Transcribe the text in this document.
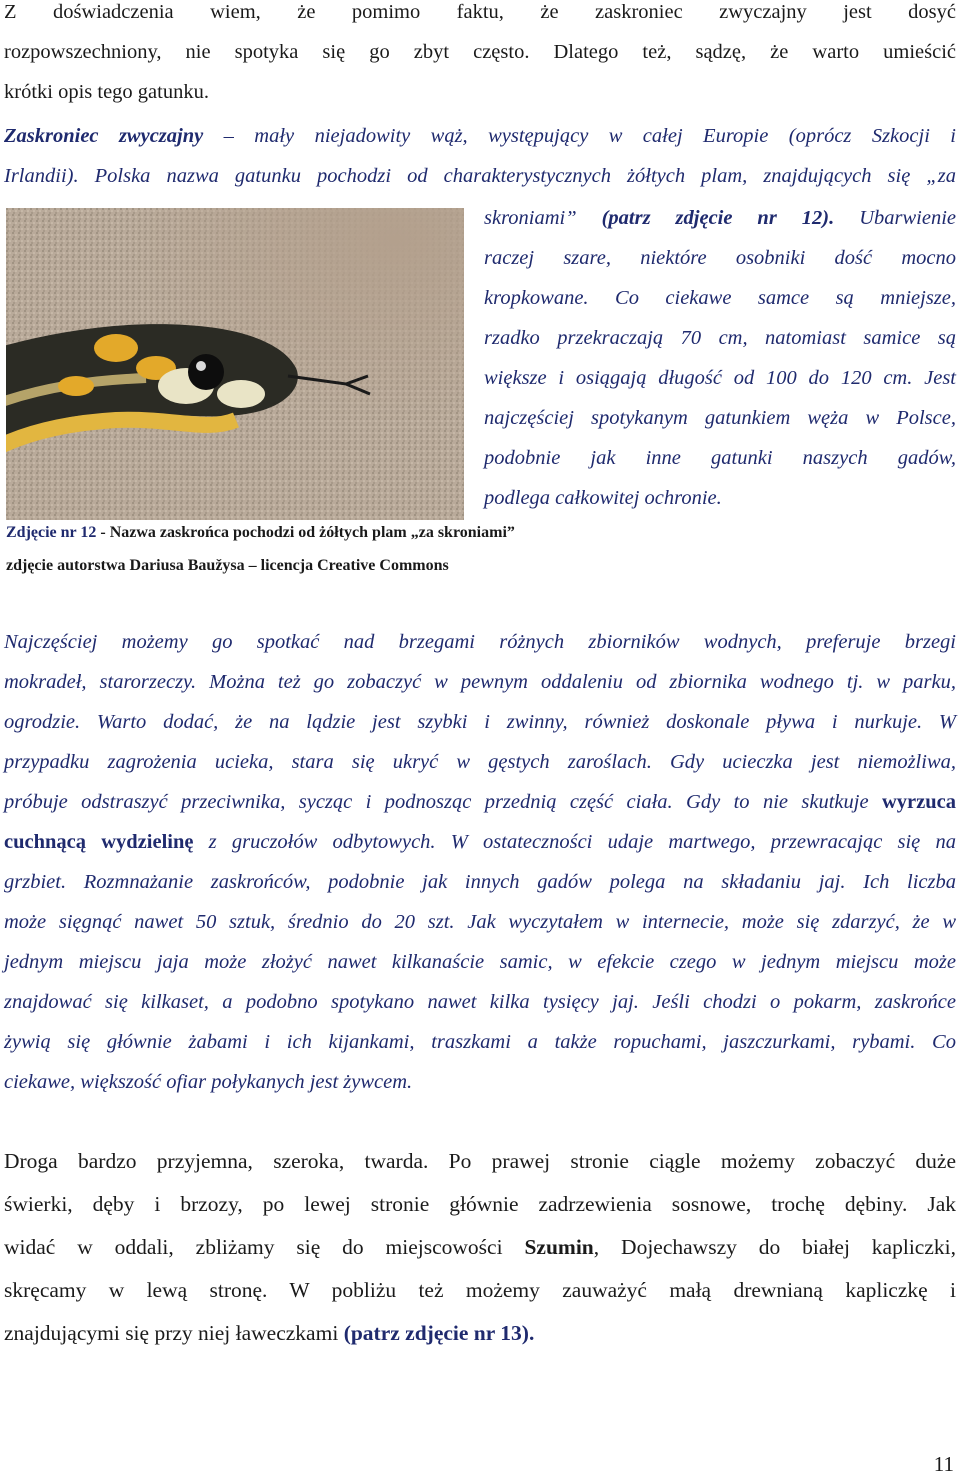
Z doświadczenia wiem, że pomimo faktu, że zaskroniec zwyczajny jest dosyć
rozpowszechniony, nie spotyka się go zbyt często. Dlatego też, sądzę, że warto umieścić
krótki opis tego gatunku.
Zaskroniec zwyczajny – mały niejadowity wąż, występujący w całej Europie (oprócz Szkocji i
Irlandii). Polska nazwa gatunku pochodzi od charakterystycznych żółtych plam, znajdujących się „za
skroniami” (patrz zdjęcie nr 12). Ubarwienie
raczej szare, niektóre osobniki dość mocno
kropkowane. Co ciekawe samce są mniejsze,
rzadko przekraczają 70 cm, natomiast samice są
większe i osiągają długość od 100 do 120 cm. Jest
najczęściej spotykanym gatunkiem węża w Polsce,
podobnie jak inne gatunki naszych gadów,
podlega całkowitej ochronie.
Zdjęcie nr 12 - Nazwa zaskrońca pochodzi od żółtych plam „za skroniami”
zdjęcie autorstwa Dariusa Baužysa – licencja Creative Commons
Najczęściej możemy go spotkać nad brzegami różnych zbiorników wodnych, preferuje brzegi
mokradeł, starorzeczy. Można też go zobaczyć w pewnym oddaleniu od zbiornika wodnego tj. w parku,
ogrodzie. Warto dodać, że na lądzie jest szybki i zwinny, również doskonale pływa i nurkuje. W
przypadku zagrożenia ucieka, stara się ukryć w gęstych zaroślach. Gdy ucieczka jest niemożliwa,
próbuje odstraszyć przeciwnika, sycząc i podnosząc przednią część ciała. Gdy to nie skutkuje wyrzuca
cuchnącą wydzielinę z gruczołów odbytowych. W ostateczności udaje martwego, przewracając się na
grzbiet. Rozmnażanie zaskrońców, podobnie jak innych gadów polega na składaniu jaj. Ich liczba
może sięgnąć nawet 50 sztuk, średnio do 20 szt. Jak wyczytałem w internecie, może się zdarzyć, że w
jednym miejscu jaja może złożyć nawet kilkanaście samic, w efekcie czego w jednym miejscu może
znajdować się kilkaset, a podobno spotykano nawet kilka tysięcy jaj. Jeśli chodzi o pokarm, zaskrońce
żywią się głównie żabami i ich kijankami, traszkami a także ropuchami, jaszczurkami, rybami. Co
ciekawe, większość ofiar połykanych jest żywcem.
Droga bardzo przyjemna, szeroka, twarda. Po prawej stronie ciągle możemy zobaczyć duże
świerki, dęby i brzozy, po lewej stronie głównie zadrzewienia sosnowe, trochę dębiny. Jak
widać w oddali, zbliżamy się do miejscowości Szumin, Dojechawszy do białej kapliczki,
skręcamy w lewą stronę. W pobliżu też możemy zauważyć małą drewnianą kapliczkę i
znajdującymi się przy niej ławeczkami (patrz zdjęcie nr 13).
11
